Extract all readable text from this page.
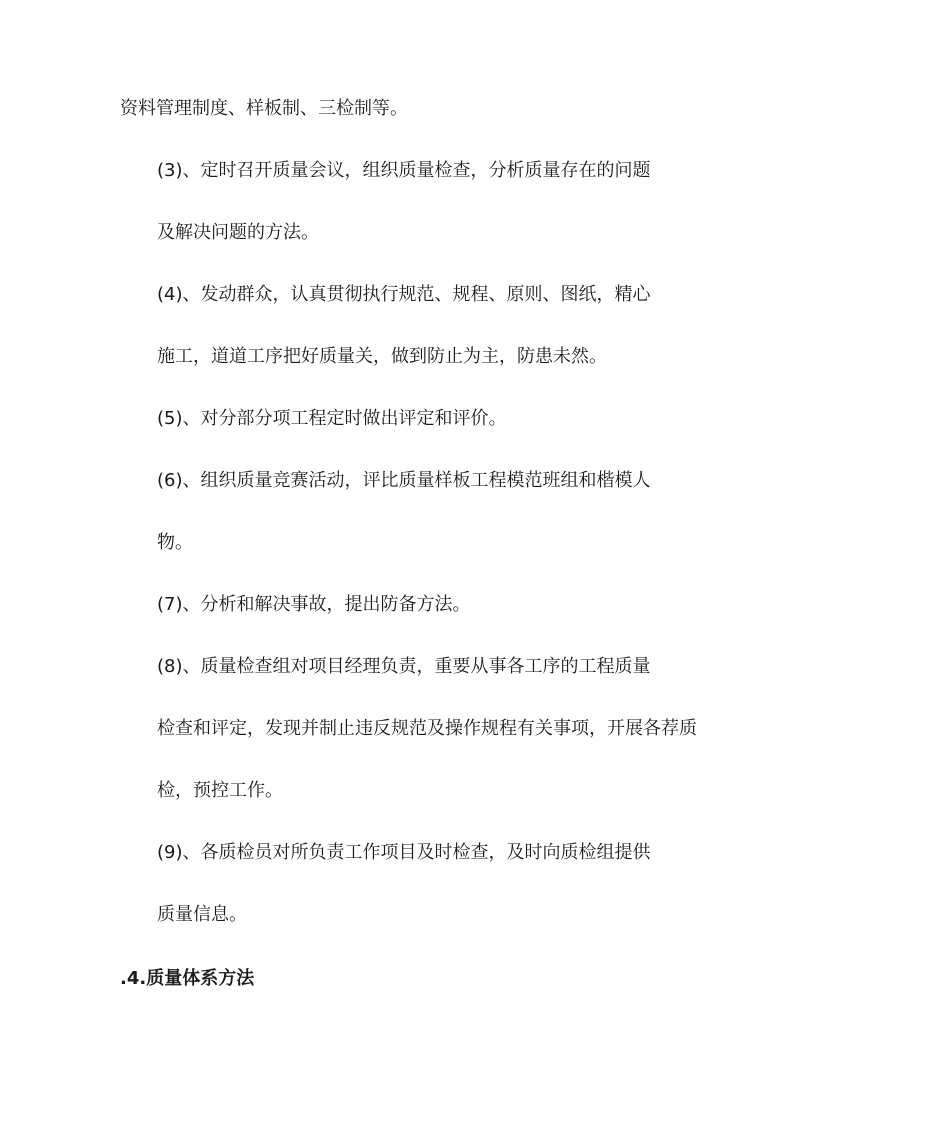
资料管理制度、样板制、三检制等。
(3)、定时召开质量会议，组织质量检查，分析质量存在的问题
及解决问题的方法。
(4)、发动群众，认真贯彻执行规范、规程、原则、图纸，精心
施工，道道工序把好质量关，做到防止为主，防患未然。
(5)、对分部分项工程定时做出评定和评价。
(6)、组织质量竞赛活动，评比质量样板工程模范班组和楷模人
物。
(7)、分析和解决事故，提出防备方法。
(8)、质量检查组对项目经理负责，重要从事各工序的工程质量
检查和评定，发现并制止违反规范及操作规程有关事项，开展各荐质
检，预控工作。
(9)、各质检员对所负责工作项目及时检查，及时向质检组提供
质量信息。
.4.质量体系方法
